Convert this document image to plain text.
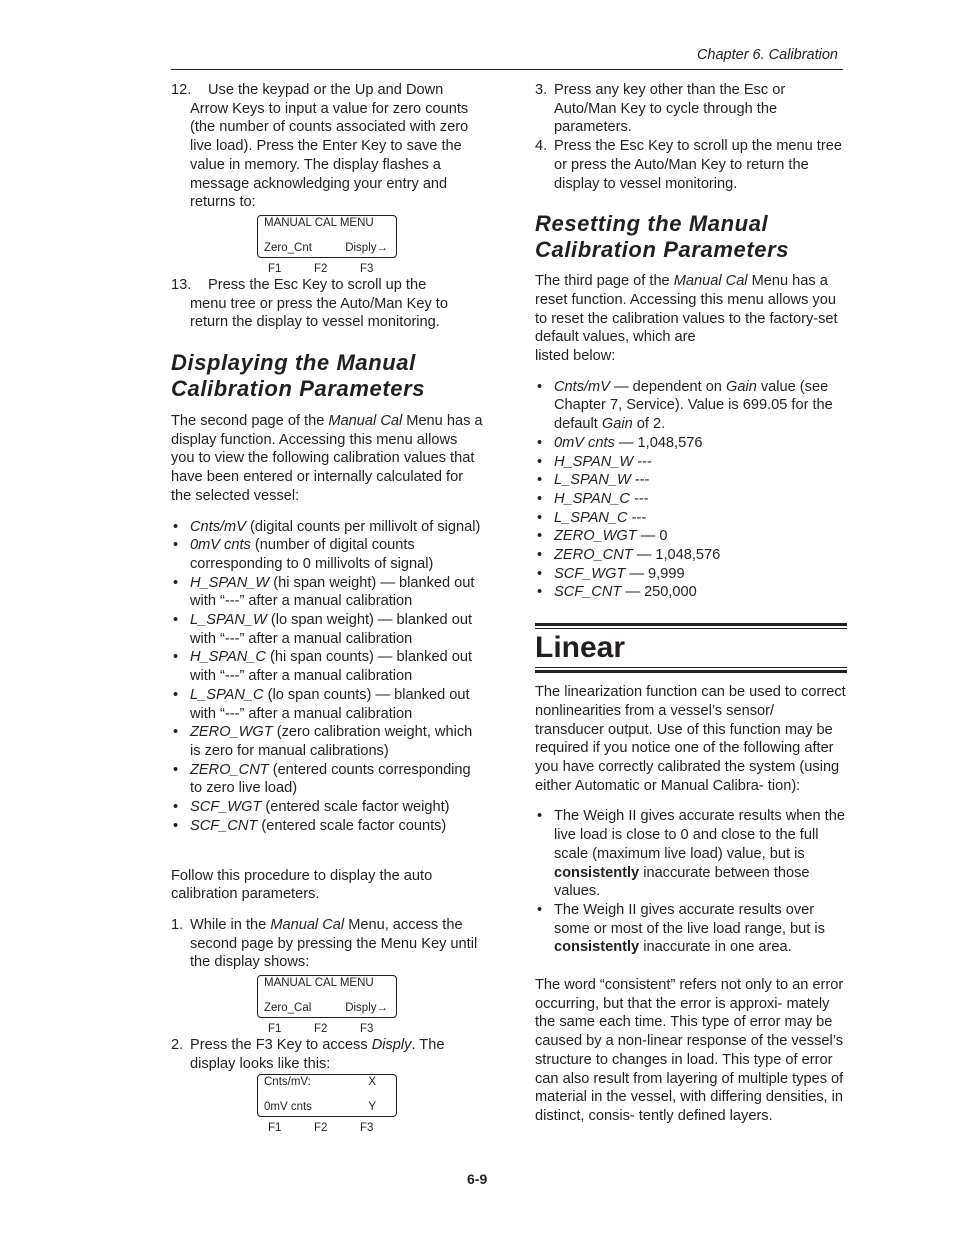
Chapter 6. Calibration
12.	Use the keypad or the Up and Down
Arrow Keys to input a value for zero counts (the number of counts associated with zero live load). Press the Enter Key to save the value in memory. The display flashes a message acknowledging your entry and returns to:
MANUAL CAL MENU
Zero_Cnt	Disply→
F1	F2	F3
13.	Press the Esc Key to scroll up the
menu tree or press the Auto/Man Key to return the display to vessel monitoring.
Displaying the Manual
Calibration Parameters

The second page of the Manual Cal Menu has a display function. Accessing this menu allows you to view the following calibration values that have been entered or internally calculated for the selected vessel:

• Cnts/mV (digital counts per millivolt of signal)
• 0mV cnts (number of digital counts corresponding to 0 millivolts of signal)
• H_SPAN_W (hi span weight) — blanked out with “---” after a manual calibration
• L_SPAN_W (lo span weight) — blanked out with “---” after a manual calibration
• H_SPAN_C (hi span counts) — blanked out with “---” after a manual calibration
• L_SPAN_C (lo span counts) — blanked out with “---” after a manual calibration
• ZERO_WGT (zero calibration weight, which is zero for manual calibrations)
• ZERO_CNT (entered counts corresponding to zero live load)
• SCF_WGT (entered scale factor weight)
• SCF_CNT (entered scale factor counts)

Follow this procedure to display the auto calibration parameters.

1. While in the Manual Cal Menu, access the second page by pressing the Menu Key until the display shows:
MANUAL CAL MENU
Zero_Cal	Disply→
F1	F2	F3
2. Press the F3 Key to access Disply. The display looks like this:
Cnts/mV:	X
0mV cnts	Y
F1	F2	F3
3. Press any key other than the Esc or Auto/Man Key to cycle through the parameters.
4. Press the Esc Key to scroll up the menu tree or press the Auto/Man Key to return the display to vessel monitoring.
Resetting the Manual
Calibration Parameters

The third page of the Manual Cal Menu has a reset function. Accessing this menu allows you to reset the calibration values to the factory-set default values, which are
listed below:

• Cnts/mV — dependent on Gain value (see Chapter 7, Service). Value is 699.05 for the default Gain of 2.
• 0mV cnts — 1,048,576
• H_SPAN_W ---
• L_SPAN_W ---
• H_SPAN_C ---
• L_SPAN_C ---
• ZERO_WGT — 0
• ZERO_CNT — 1,048,576
• SCF_WGT — 9,999
• SCF_CNT — 250,000
Linear

The linearization function can be used to correct nonlinearities from a vessel’s sensor/ transducer output. Use of this function may be required if you notice one of the following after you have correctly calibrated the system (using either Automatic or Manual Calibra- tion):

• The Weigh II gives accurate results when the live load is close to 0 and close to the full scale (maximum live load) value, but is consistently inaccurate between those values.
• The Weigh II gives accurate results over some or most of the live load range, but is consistently inaccurate in one area.

The word “consistent” refers not only to an error occurring, but that the error is approxi- mately the same each time. This type of error may be caused by a non-linear response of the vessel’s structure to changes in load. This type of error can also result from layering of multiple types of material in the vessel, with differing densities, in distinct, consis- tently defined layers.

6-9
